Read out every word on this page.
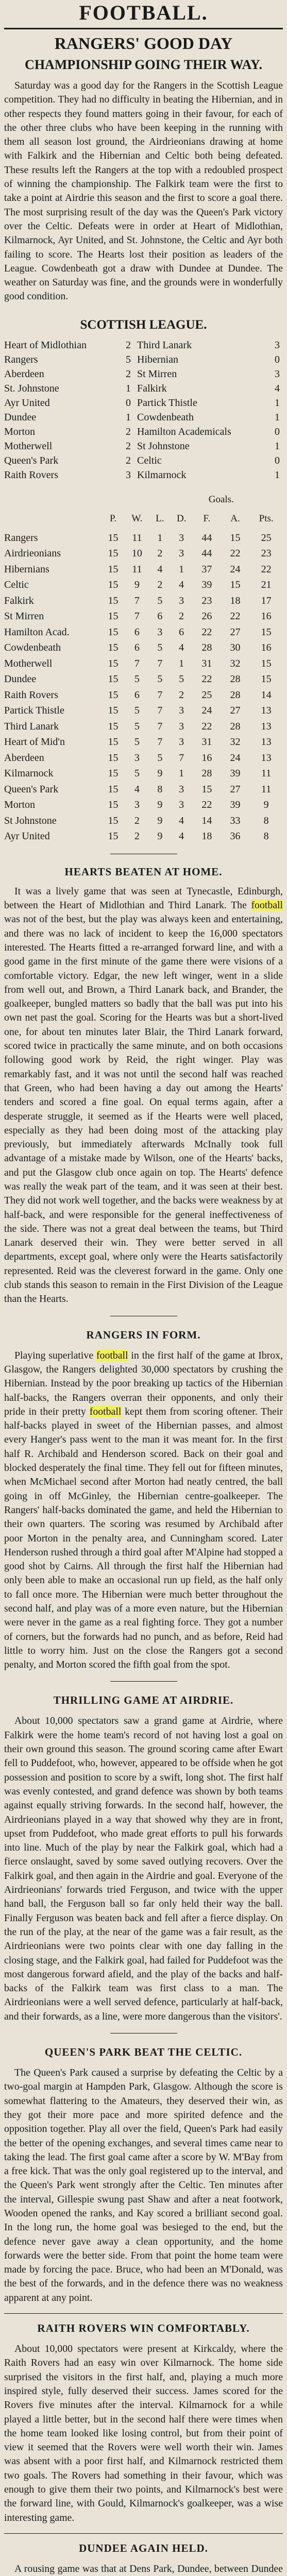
FOOTBALL.
RANGERS' GOOD DAY
CHAMPIONSHIP GOING THEIR WAY.

Saturday was a good day for the Rangers in the Scottish League competition. They had no difficulty in beating the Hibernian, and in other respects they found matters going in their favour, for each of the other three clubs who have been keeping in the running with them all season lost ground, the Airdrieonians drawing at home with Falkirk and the Hibernian and Celtic both being defeated. These results left the Rangers at the top with a redoubled prospect of winning the championship. The Falkirk team were the first to take a point at Airdrie this season and the first to score a goal there. The most surprising result of the day was the Queen's Park victory over the Celtic. Defeats were in order at Heart of Midlothian, Kilmarnock, Ayr United, and St. Johnstone, the Celtic and Ayr both failing to score. The Hearts lost their position as leaders of the League. Cowdenbeath got a draw with Dundee at Dundee. The weather on Saturday was fine, and the grounds were in wonderfully good condition.

SCOTTISH LEAGUE.
Heart of Midlothian	2	Third Lanark	3
Rangers	5	Hibernian	0
Aberdeen	2	St Mirren	3
St. Johnstone	1	Falkirk	4
Ayr United	0	Partick Thistle	1
Dundee	1	Cowdenbeath	1
Morton	2	Hamilton Academicals	0
Motherwell	2	St Johnstone	1
Queen's Park	2	Celtic	0
Raith Rovers	3	Kilmarnock	1
					Goals.		
	P.	W.	L.	D.	F.	A.	Pts.
Rangers	15	11	1	3	44	15	25
Airdrieonians	15	10	2	3	44	22	23
Hibernians	15	11	4	1	37	24	22
Celtic	15	9	2	4	39	15	21
Falkirk	15	7	5	3	23	18	17
St Mirren	15	7	6	2	26	22	16
Hamilton Acad.	15	6	3	6	22	27	15
Cowdenbeath	15	6	5	4	28	30	16
Motherwell	15	7	7	1	31	32	15
Dundee	15	5	5	5	22	28	15
Raith Rovers	15	6	7	2	25	28	14
Partick Thistle	15	5	7	3	24	27	13
Third Lanark	15	5	7	3	22	28	13
Heart of Mid'n	15	5	7	3	31	32	13
Aberdeen	15	3	5	7	16	24	13
Kilmarnock	15	5	9	1	28	39	11
Queen's Park	15	4	8	3	15	27	11
Morton	15	3	9	3	22	39	9
St Johnstone	15	2	9	4	14	33	8
Ayr United	15	2	9	4	18	36	8
HEARTS BEATEN AT HOME.

It was a lively game that was seen at Tynecastle, Edinburgh, between the Heart of Midlothian and Third Lanark. The football was not of the best, but the play was always keen and entertaining, and there was no lack of incident to keep the 16,000 spectators interested. The Hearts fitted a re-arranged forward line, and with a good game in the first minute of the game there were visions of a comfortable victory. Edgar, the new left winger, went in a slide from well out, and Brown, a Third Lanark back, and Brander, the goalkeeper, bungled matters so badly that the ball was put into his own net past the goal. Scoring for the Hearts was but a short-lived one, for about ten minutes later Blair, the Third Lanark forward, scored twice in practically the same minute, and on both occasions following good work by Reid, the right winger. Play was remarkably fast, and it was not until the second half was reached that Green, who had been having a day out among the Hearts' tenders and scored a fine goal. On equal terms again, after a desperate struggle, it seemed as if the Hearts were well placed, especially as they had been doing most of the attacking play previously, but immediately afterwards McInally took full advantage of a mistake made by Wilson, one of the Hearts' backs, and put the Glasgow club once again on top. The Hearts' defence was really the weak part of the team, and it was seen at their best. They did not work well together, and the backs were weakness by at half-back, and were responsible for the general ineffectiveness of the side. There was not a great deal between the teams, but Third Lanark deserved their win. They were better served in all departments, except goal, where only were the Hearts satisfactorily represented. Reid was the cleverest forward in the game. Only one club stands this season to remain in the First Division of the League than the Hearts.

RANGERS IN FORM.

Playing superlative football in the first half of the game at Ibrox, Glasgow, the Rangers delighted 30,000 spectators by crushing the Hibernian. Instead by the poor breaking up tactics of the Hibernian half-backs, the Rangers overran their opponents, and only their pride in their pretty football kept them from scoring oftener. Their half-backs played in sweet of the Hibernian passes, and almost every Hanger's pass went to the man it was meant for. In the first half R. Archibald and Henderson scored. Back on their goal and blocked desperately the final time. They fell out for fifteen minutes, when McMichael second after Morton had neatly centred, the ball going in off McGinley, the Hibernian centre-goalkeeper. The Rangers' half-backs dominated the game, and held the Hibernian to their own quarters. The scoring was resumed by Archibald after poor Morton in the penalty area, and Cunningham scored. Later Henderson rushed through a third goal after M'Alpine had stopped a good shot by Cairns. All through the first half the Hibernian had only been able to make an occasional run up field, as the half only to fall once more. The Hibernian were much better throughout the second half, and play was of a more even nature, but the Hibernian were never in the game as a real fighting force. They got a number of corners, but the forwards had no punch, and as before, Reid had little to worry him. Just on the close the Rangers got a second penalty, and Morton scored the fifth goal from the spot.

THRILLING GAME AT AIRDRIE.

About 10,000 spectators saw a grand game at Airdrie, where Falkirk were the home team's record of not having lost a goal on their own ground this season. The ground scoring came after Ewart fell to Puddefoot, who, however, appeared to be offside when he got possession and position to score by a swift, long shot. The first half was evenly contested, and grand defence was shown by both teams against equally striving forwards. In the second half, however, the Airdrieonians played in a way that showed why they are in front, upset from Puddefoot, who made great efforts to pull his forwards into line. Much of the play by near the Falkirk goal, which had a fierce onslaught, saved by some saved outlying recovers. Over the Falkirk goal, and then again in the Airdrie and goal. Everyone of the Airdrieonians' forwards tried Ferguson, and twice with the upper hand ball, the Ferguson ball so far only held their way the ball. Finally Ferguson was beaten back and fell after a fierce display. On the run of the play, at the near of the game was a fair result, as the Airdrieonians were two points clear with one day falling in the closing stage, and the Falkirk goal, had failed for Puddefoot was the most dangerous forward afield, and the play of the backs and half-backs of the Falkirk team was first class to a man. The Airdrieonians were a well served defence, particularly at half-back, and their forwards, as a line, were more dangerous than the visitors'.

QUEEN'S PARK BEAT THE CELTIC.

The Queen's Park caused a surprise by defeating the Celtic by a two-goal margin at Hampden Park, Glasgow. Although the score is somewhat flattering to the Amateurs, they deserved their win, as they got their more pace and more spirited defence and the opposition together. Play all over the field, Queen's Park had easily the better of the opening exchanges, and several times came near to taking the lead. The first goal came after a score by W. M'Bay from a free kick. That was the only goal registered up to the interval, and the Queen's Park went strongly after the Celtic. Ten minutes after the interval, Gillespie swung past Shaw and after a neat footwork, Wooden opened the ranks, and Kay scored a brilliant second goal. In the long run, the home goal was besieged to the end, but the defence never gave away a clean opportunity, and the home forwards were the better side. From that point the home team were made by forcing the pace. Bruce, who had been an M'Donald, was the best of the forwards, and in the defence there was no weakness apparent at any point.

RAITH ROVERS WIN COMFORTABLY.

About 10,000 spectators were present at Kirkcaldy, where the Raith Rovers had an easy win over Kilmarnock. The home side surprised the visitors in the first half, and, playing a much more inspired style, fully deserved their success. James scored for the Rovers five minutes after the interval. Kilmarnock for a while played a little better, but in the second half there were times when the home team looked like losing control, but from their point of view it seemed that the Rovers were well worth their win. James was absent with a poor first half, and Kilmarnock restricted them two goals. The Rovers had something in their favour, which was enough to give them their two points, and Kilmarnock's best were the forward line, with Gould, Kilmarnock's goalkeeper, was a wise interesting game.

DUNDEE AGAIN HELD.

A rousing game was that at Dens Park, Dundee, between Dundee
